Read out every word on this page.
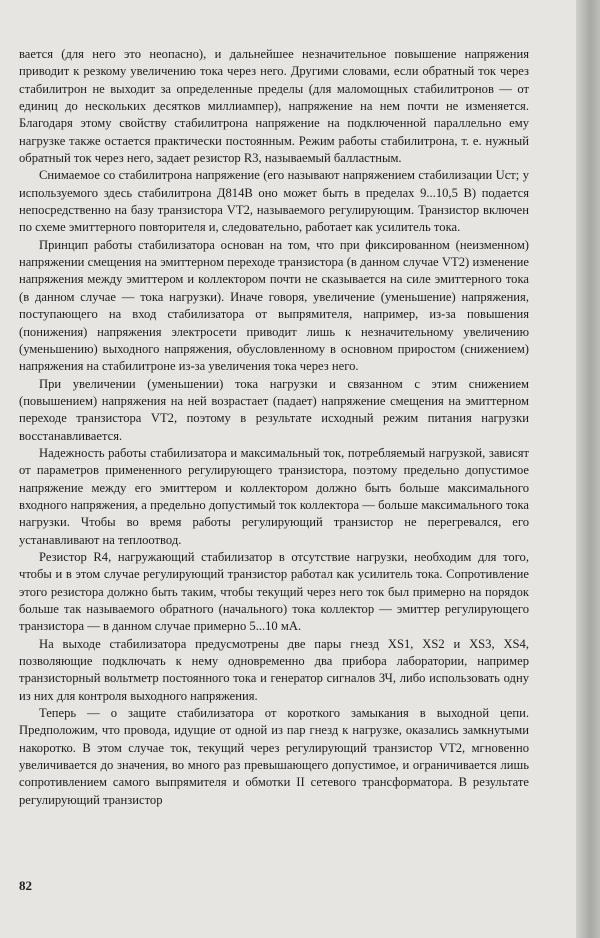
вается (для него это неопасно), и дальнейшее незначительное повышение напряжения приводит к резкому увеличению тока через него. Другими словами, если обратный ток через стабилитрон не выходит за определенные пределы (для маломощных стабилитронов — от единиц до нескольких десятков миллиампер), напряжение на нем почти не изменяется. Благодаря этому свойству стабилитрона напряжение на подключенной параллельно ему нагрузке также остается практически постоянным. Режим работы стабилитрона, т. е. нужный обратный ток через него, задает резистор R3, называемый балластным.

Снимаемое со стабилитрона напряжение (его называют напряжением стабилизации Uст; у используемого здесь стабилитрона Д814В оно может быть в пределах 9...10,5 В) подается непосредственно на базу транзистора VT2, называемого регулирующим. Транзистор включен по схеме эмиттерного повторителя и, следовательно, работает как усилитель тока.

Принцип работы стабилизатора основан на том, что при фиксированном (неизменном) напряжении смещения на эмиттерном переходе транзистора (в данном случае VT2) изменение напряжения между эмиттером и коллектором почти не сказывается на силе эмиттерного тока (в данном случае — тока нагрузки). Иначе говоря, увеличение (уменьшение) напряжения, поступающего на вход стабилизатора от выпрямителя, например, из-за повышения (понижения) напряжения электросети приводит лишь к незначительному увеличению (уменьшению) выходного напряжения, обусловленному в основном приростом (снижением) напряжения на стабилитроне из-за увеличения тока через него.

При увеличении (уменьшении) тока нагрузки и связанном с этим снижением (повышением) напряжения на ней возрастает (падает) напряжение смещения на эмиттерном переходе транзистора VT2, поэтому в результате исходный режим питания нагрузки восстанавливается.

Надежность работы стабилизатора и максимальный ток, потребляемый нагрузкой, зависят от параметров примененного регулирующего транзистора, поэтому предельно допустимое напряжение между его эмиттером и коллектором должно быть больше максимального входного напряжения, а предельно допустимый ток коллектора — больше максимального тока нагрузки. Чтобы во время работы регулирующий транзистор не перегревался, его устанавливают на теплоотвод.

Резистор R4, нагружающий стабилизатор в отсутствие нагрузки, необходим для того, чтобы и в этом случае регулирующий транзистор работал как усилитель тока. Сопротивление этого резистора должно быть таким, чтобы текущий через него ток был примерно на порядок больше так называемого обратного (начального) тока коллектор — эмиттер регулирующего транзистора — в данном случае примерно 5...10 мА.

На выходе стабилизатора предусмотрены две пары гнезд XS1, XS2 и XS3, XS4, позволяющие подключать к нему одновременно два прибора лаборатории, например транзисторный вольтметр постоянного тока и генератор сигналов ЗЧ, либо использовать одну из них для контроля выходного напряжения.

Теперь — о защите стабилизатора от короткого замыкания в выходной цепи. Предположим, что провода, идущие от одной из пар гнезд к нагрузке, оказались замкнутыми накоротко. В этом случае ток, текущий через регулирующий транзистор VT2, мгновенно увеличивается до значения, во много раз превышающего допустимое, и ограничивается лишь сопротивлением самого выпрямителя и обмотки II сетевого трансформатора. В результате регулирующий транзистор

82
